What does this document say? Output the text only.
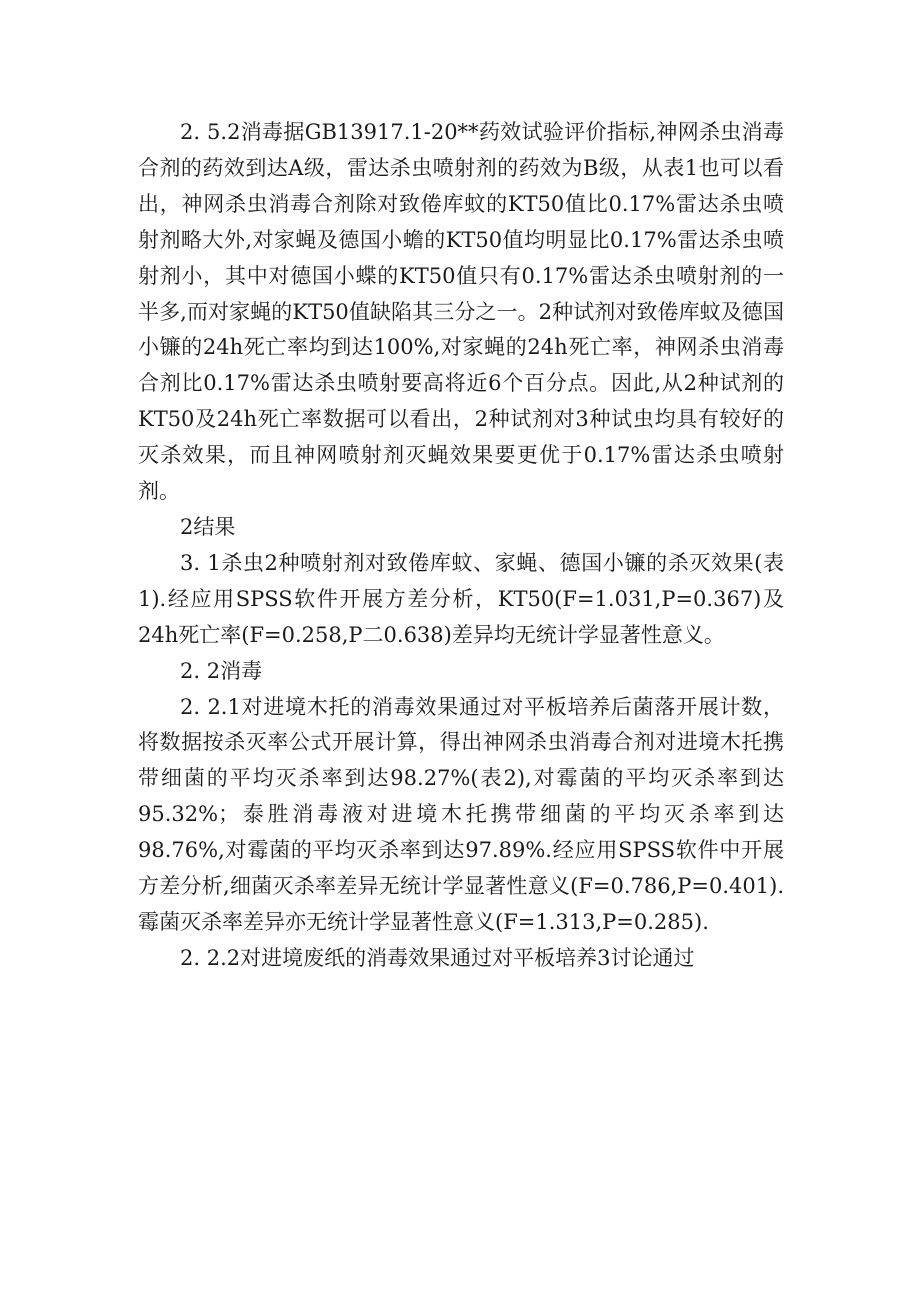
2. 5.2消毒据GB13917.1-20**药效试验评价指标,神网杀虫消毒合剂的药效到达A级，雷达杀虫喷射剂的药效为B级，从表1也可以看出，神网杀虫消毒合剂除对致倦库蚊的KT50值比0.17%雷达杀虫喷射剂略大外,对家蝇及德国小蟾的KT50值均明显比0.17%雷达杀虫喷射剂小，其中对德国小蝶的KT50值只有0.17%雷达杀虫喷射剂的一半多,而对家蝇的KT50值缺陷其三分之一。2种试剂对致倦库蚊及德国小镰的24h死亡率均到达100%,对家蝇的24h死亡率，神网杀虫消毒合剂比0.17%雷达杀虫喷射要高将近6个百分点。因此,从2种试剂的KT50及24h死亡率数据可以看出，2种试剂对3种试虫均具有较好的灭杀效果，而且神网喷射剂灭蝇效果要更优于0.17%雷达杀虫喷射剂。

2结果

3. 1杀虫2种喷射剂对致倦库蚊、家蝇、德国小镰的杀灭效果(表1).经应用SPSS软件开展方差分析，KT50(F=1.031,P=0.367)及24h死亡率(F=0.258,P二0.638)差异均无统计学显著性意义。

2. 2消毒

2. 2.1对进境木托的消毒效果通过对平板培养后菌落开展计数，将数据按杀灭率公式开展计算，得出神网杀虫消毒合剂对进境木托携带细菌的平均灭杀率到达98.27%(表2),对霉菌的平均灭杀率到达95.32%；泰胜消毒液对进境木托携带细菌的平均灭杀率到达98.76%,对霉菌的平均灭杀率到达97.89%.经应用SPSS软件中开展方差分析,细菌灭杀率差异无统计学显著性意义(F=0.786,P=0.401).霉菌灭杀率差异亦无统计学显著性意义(F=1.313,P=0.285).

2. 2.2对进境废纸的消毒效果通过对平板培养3讨论通过
